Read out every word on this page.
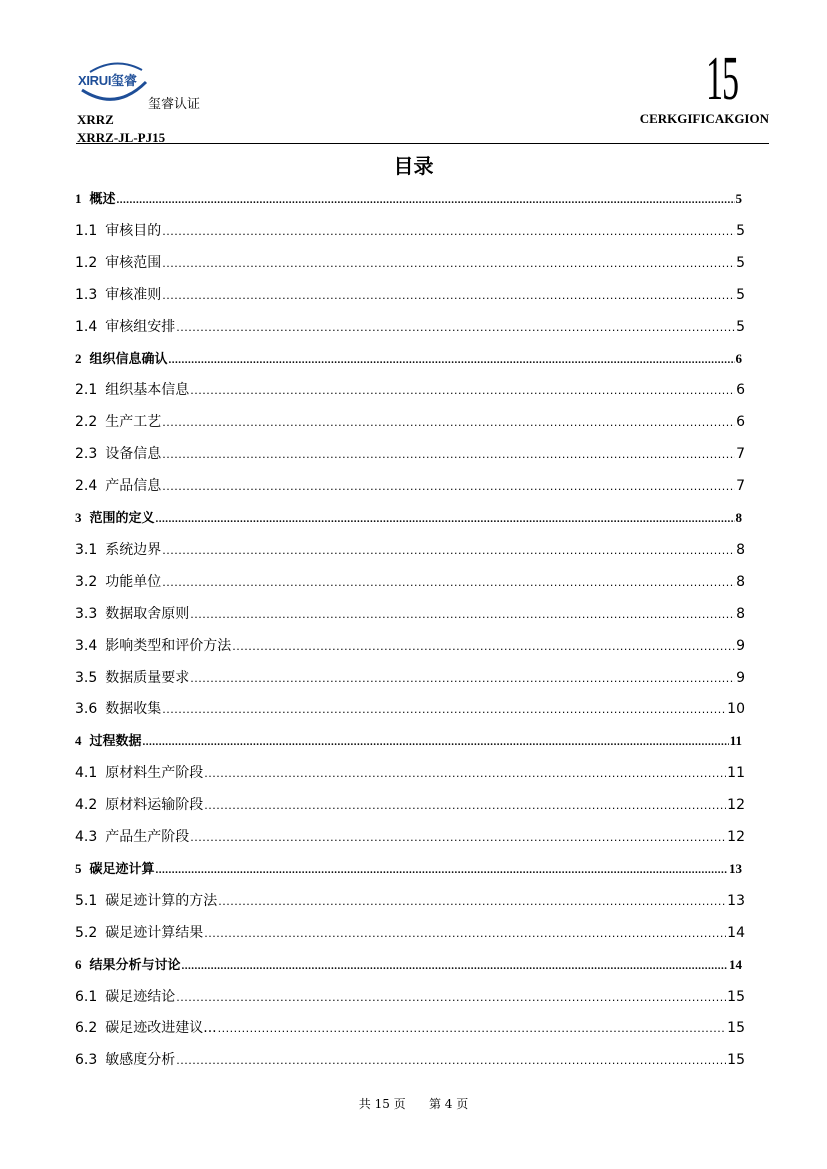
XIRUI玺睿
玺睿认证
XRRZ
XRRZ-JL-PJ15
CERKGIFICAKGION
15
目录
1 概述 .....	5
1.1 审核目的 .....	5
1.2 审核范围 .....	5
1.3 审核准则 .....	5
1.4 审核组安排 .....	5
2 组织信息确认 .....	6
2.1 组织基本信息 .....	6
2.2 生产工艺 .....	6
2.3 设备信息 .....	7
2.4 产品信息 .....	7
3 范围的定义 .....	8
3.1 系统边界 .....	8
3.2 功能单位 .....	8
3.3 数据取舍原则 .....	8
3.4 影响类型和评价方法 .....	9
3.5 数据质量要求 .....	9
3.6 数据收集 .....	10
4 过程数据 .....	11
4.1 原材料生产阶段 .....	11
4.2 原材料运输阶段 .....	12
4.3 产品生产阶段 .....	12
5 碳足迹计算 .....	13
5.1 碳足迹计算的方法 .....	13
5.2 碳足迹计算结果 .....	14
6 结果分析与讨论 .....	14
6.1 碳足迹结论 .....	15
6.2 碳足迹改进建议... .....	15
6.3 敏感度分析 .....	15
共 15 页 第 4 页
